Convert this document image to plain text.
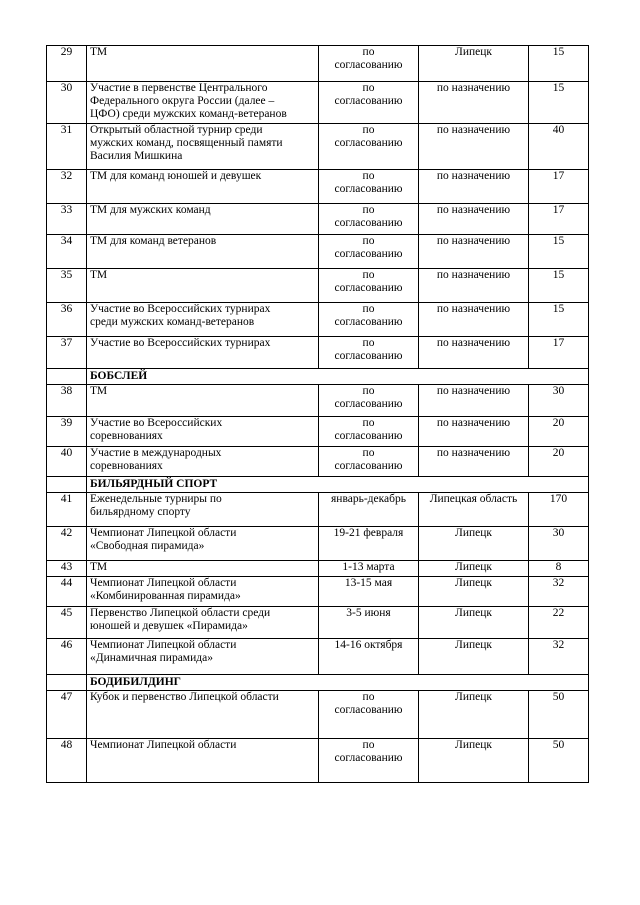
29	ТМ	по
согласованию	Липецк	15
30	Участие в первенстве Центрального
Федерального округа России (далее –
ЦФО) среди мужских команд-ветеранов	по
согласованию	по назначению	15
31	Открытый областной турнир среди
мужских команд, посвященный памяти
Василия Мишкина	по
согласованию	по назначению	40
32	ТМ для команд юношей и девушек	по
согласованию	по назначению	17
33	ТМ для мужских команд	по
согласованию	по назначению	17
34	ТМ для команд ветеранов	по
согласованию	по назначению	15
35	ТМ	по
согласованию	по назначению	15
36	Участие во Всероссийских турнирах
среди мужских команд-ветеранов	по
согласованию	по назначению	15
37	Участие во Всероссийских турнирах	по
согласованию	по назначению	17
	БОБСЛЕЙ			
38	ТМ	по
согласованию	по назначению	30
39	Участие во Всероссийских
соревнованиях	по
согласованию	по назначению	20
40	Участие в международных
соревнованиях	по
согласованию	по назначению	20
	БИЛЬЯРДНЫЙ СПОРТ			
41	Еженедельные турниры по
бильярдному спорту	январь-декабрь	Липецкая область	170
42	Чемпионат Липецкой области
«Свободная пирамида»	19-21 февраля	Липецк	30
43	ТМ	1-13 марта	Липецк	8
44	Чемпионат Липецкой области
«Комбинированная пирамида»	13-15 мая	Липецк	32
45	Первенство Липецкой области среди
юношей и девушек «Пирамида»	3-5 июня	Липецк	22
46	Чемпионат Липецкой области
«Динамичная пирамида»	14-16 октября	Липецк	32
	БОДИБИЛДИНГ			
47	Кубок и первенство Липецкой области	по
согласованию	Липецк	50
48	Чемпионат Липецкой области	по
согласованию	Липецк	50
